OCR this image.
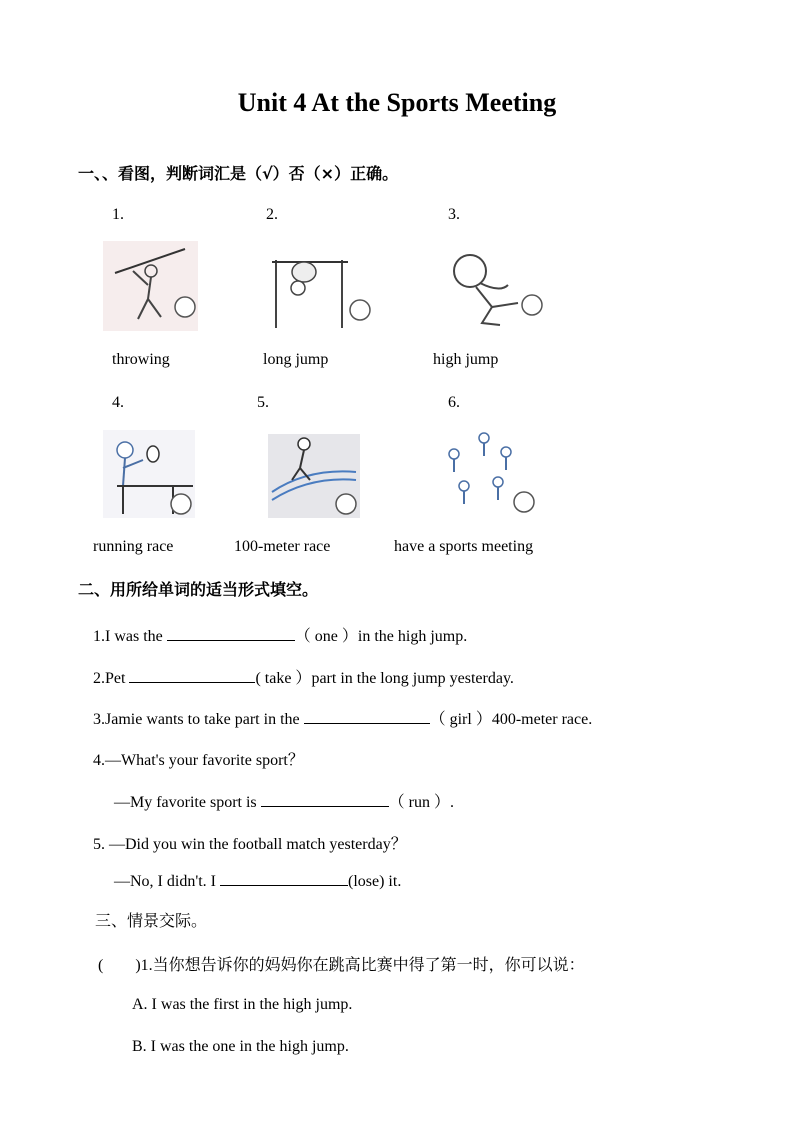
Unit 4 At the Sports Meeting
一、、看图，判断词汇是（√）否（×）正确。
1.	2.	3.
throwing	long jump	high jump
4.	5.	6.
running race	100-meter race	have a sports meeting
二、用所给单词的适当形式填空。
1.I was the	（ one ）in the high jump.
2.Pet	( take ）part in the long jump yesterday.
3.Jamie wants to take part in the	（ girl ）400-meter race.
4.—What's your favorite sport？
—My favorite sport is	（ run ）.
5. —Did you win the football match yesterday？
—No, I didn't. I	(lose) it.
三、情景交际。
(        )1.当你想告诉你的妈妈你在跳高比赛中得了第一时，你可以说：
A. I was the first in the high jump.
B. I was the one in the high jump.
